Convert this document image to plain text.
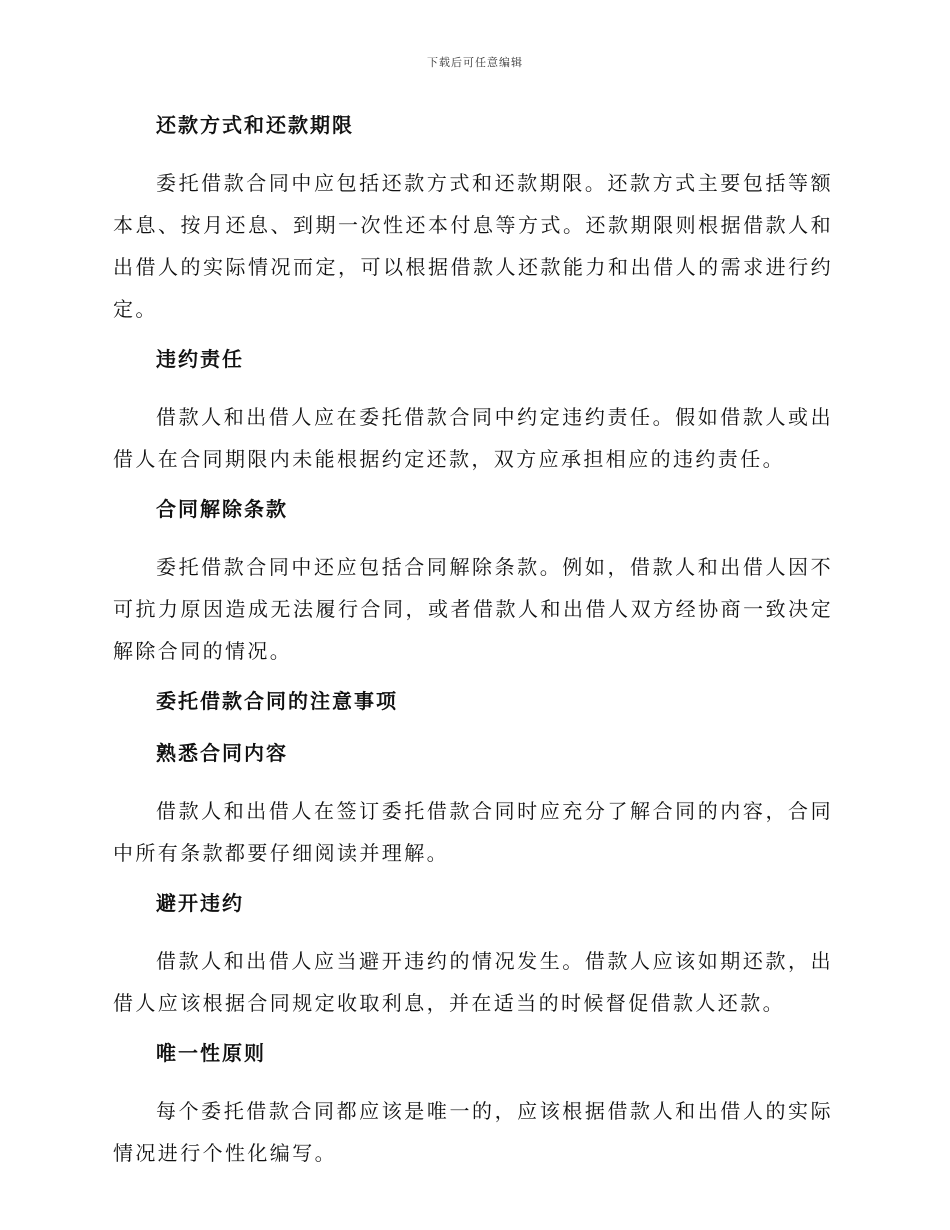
下载后可任意编辑
还款方式和还款期限

委托借款合同中应包括还款方式和还款期限。还款方式主要包括等额本息、按月还息、到期一次性还本付息等方式。还款期限则根据借款人和出借人的实际情况而定，可以根据借款人还款能力和出借人的需求进行约定。

违约责任

借款人和出借人应在委托借款合同中约定违约责任。假如借款人或出借人在合同期限内未能根据约定还款，双方应承担相应的违约责任。

合同解除条款

委托借款合同中还应包括合同解除条款。例如，借款人和出借人因不可抗力原因造成无法履行合同，或者借款人和出借人双方经协商一致决定解除合同的情况。

委托借款合同的注意事项
熟悉合同内容

借款人和出借人在签订委托借款合同时应充分了解合同的内容，合同中所有条款都要仔细阅读并理解。

避开违约

借款人和出借人应当避开违约的情况发生。借款人应该如期还款，出借人应该根据合同规定收取利息，并在适当的时候督促借款人还款。

唯一性原则

每个委托借款合同都应该是唯一的，应该根据借款人和出借人的实际情况进行个性化编写。
